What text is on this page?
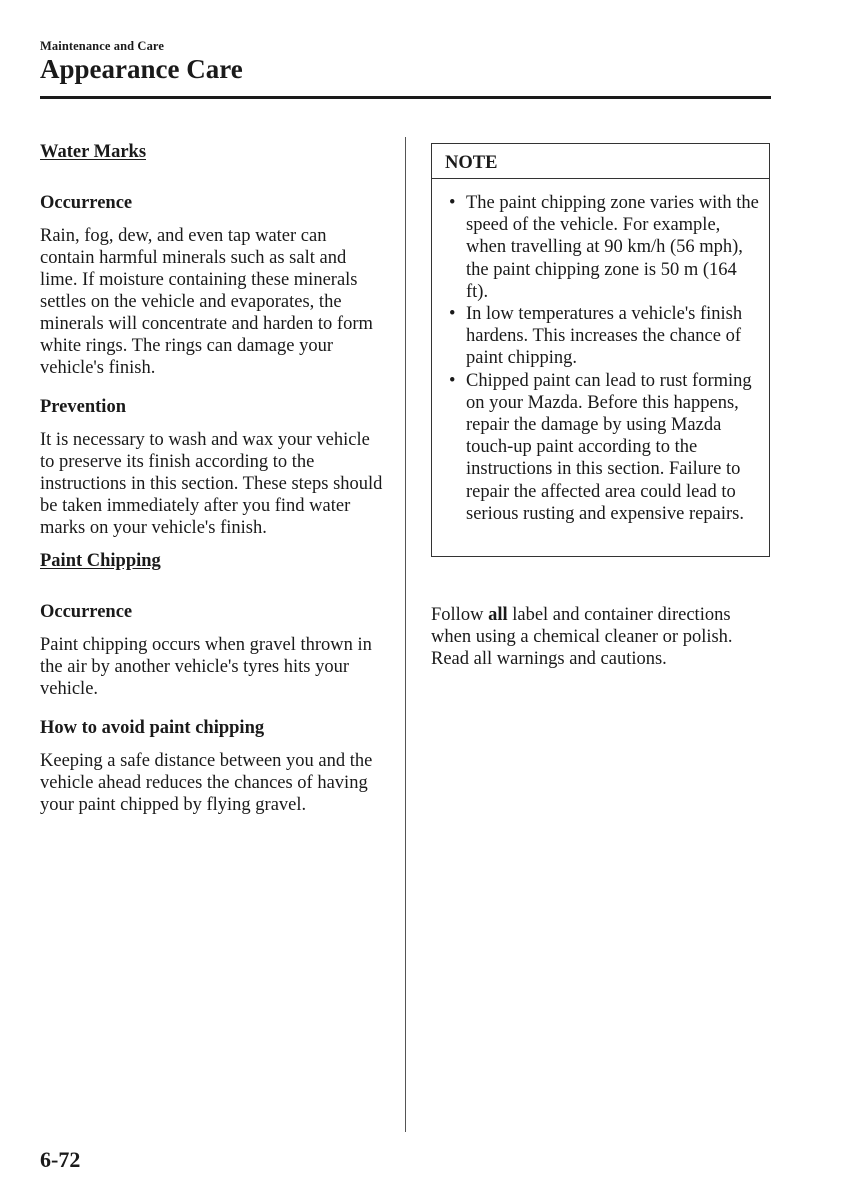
Maintenance and Care
Appearance Care
Water Marks
Occurrence

Rain, fog, dew, and even tap water can contain harmful minerals such as salt and lime. If moisture containing these minerals settles on the vehicle and evaporates, the minerals will concentrate and harden to form white rings. The rings can damage your vehicle's finish.

Prevention

It is necessary to wash and wax your vehicle to preserve its finish according to the instructions in this section. These steps should be taken immediately after you find water marks on your vehicle's finish.

Paint Chipping
Occurrence

Paint chipping occurs when gravel thrown in the air by another vehicle's tyres hits your vehicle.

How to avoid paint chipping

Keeping a safe distance between you and the vehicle ahead reduces the chances of having your paint chipped by flying gravel.

NOTE
• The paint chipping zone varies with the speed of the vehicle. For example, when travelling at 90 km/h (56 mph), the paint chipping zone is 50 m (164 ft).
• In low temperatures a vehicle's finish hardens. This increases the chance of paint chipping.
• Chipped paint can lead to rust forming on your Mazda. Before this happens, repair the damage by using Mazda touch-up paint according to the instructions in this section. Failure to repair the affected area could lead to serious rusting and expensive repairs.

Follow all label and container directions when using a chemical cleaner or polish. Read all warnings and cautions.

6-72
